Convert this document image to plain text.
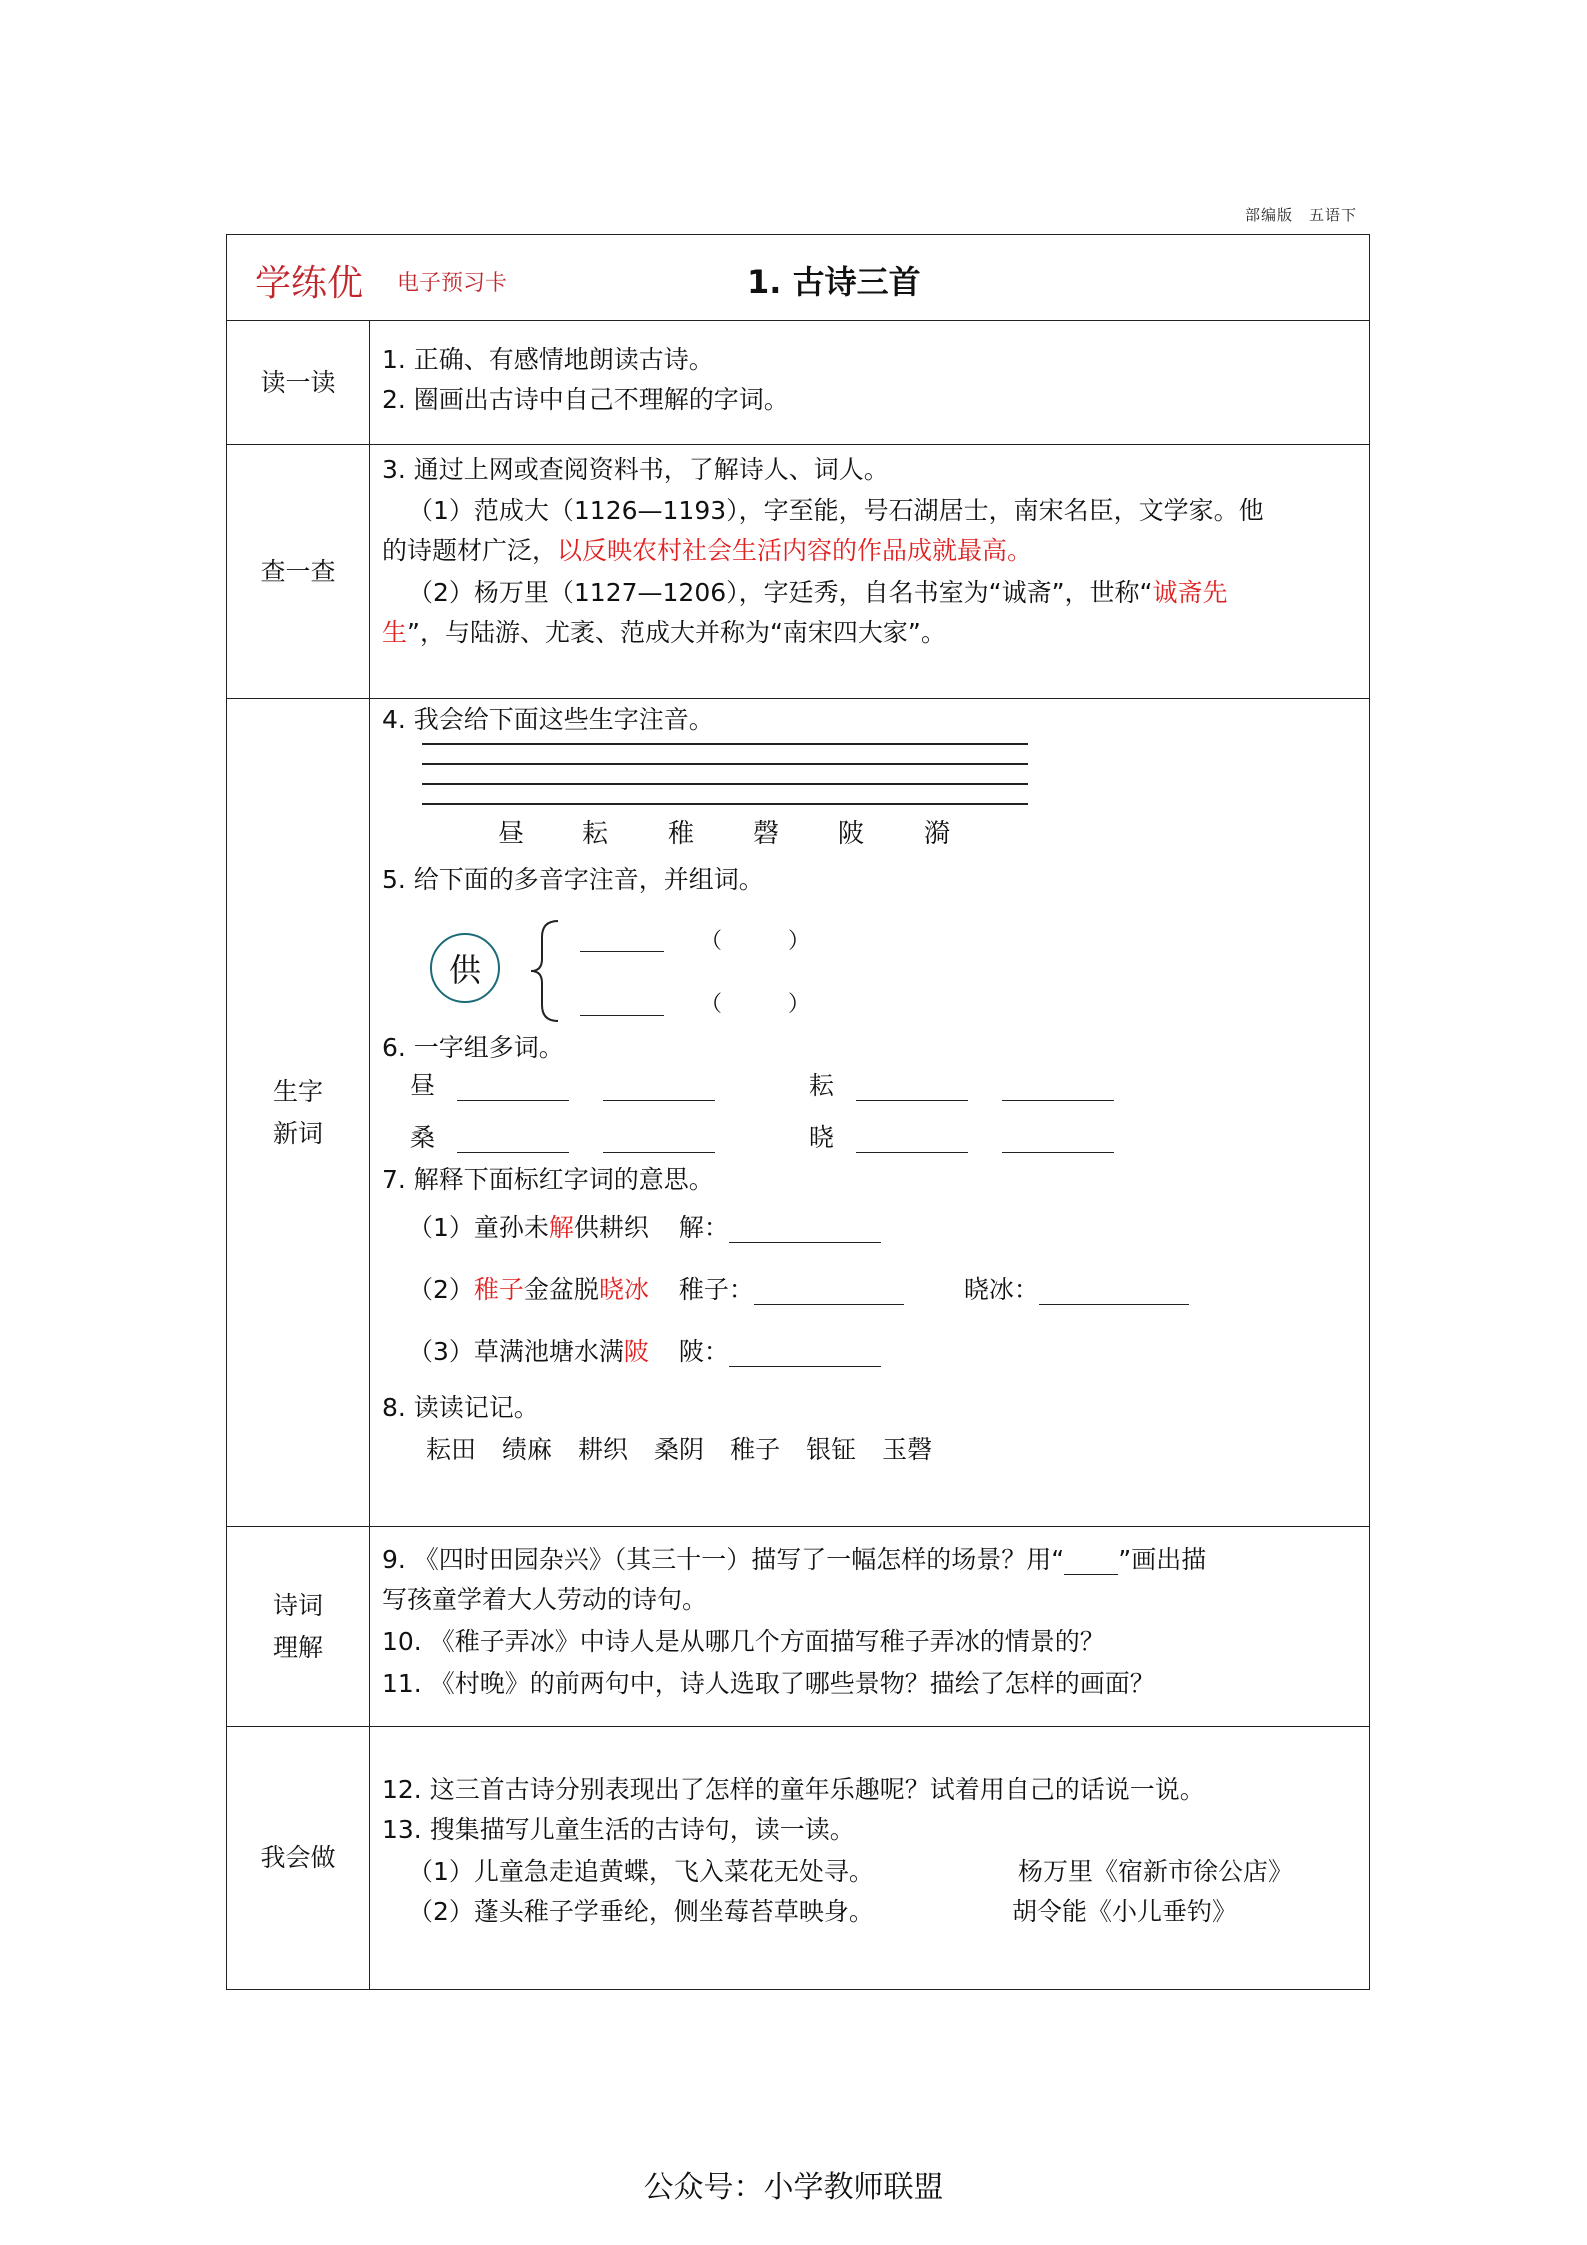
部编版 五语下
学练优 电子预习卡	1. 古诗三首
读一读
1. 正确、有感情地朗读古诗。
2. 圈画出古诗中自己不理解的字词。
查一查
3. 通过上网或查阅资料书，了解诗人、词人。
（1）范成大（1126—1193），字至能，号石湖居士，南宋名臣，文学家。他
的诗题材广泛，以反映农村社会生活内容的作品成就最高。
（2）杨万里（1127—1206），字廷秀，自名书室为“诚斋”，世称“诚斋先
生”，与陆游、尤袤、范成大并称为“南宋四大家”。
生字
新词
4. 我会给下面这些生字注音。
昼 耘 稚 磬 陂 漪
5. 给下面的多音字注音，并组词。
供
（　　　）
（　　　）
6. 一字组多词。
昼	耘
桑	晓
7. 解释下面标红字词的意思。
（1）童孙未解供耕织 解：
（2）稚子金盆脱晓冰 稚子：	晓冰：
（3）草满池塘水满陂 陂：
8. 读读记记。
耘田 绩麻 耕织 桑阴 稚子 银钲 玉磬
诗词
理解
9. 《四时田园杂兴》（其三十一）描写了一幅怎样的场景？用“ ”画出描
写孩童学着大人劳动的诗句。
10. 《稚子弄冰》中诗人是从哪几个方面描写稚子弄冰的情景的？
11. 《村晚》的前两句中，诗人选取了哪些景物？描绘了怎样的画面？
我会做
12. 这三首古诗分别表现出了怎样的童年乐趣呢？试着用自己的话说一说。
13. 搜集描写儿童生活的古诗句，读一读。
（1）儿童急走追黄蝶，飞入菜花无处寻。	杨万里《宿新市徐公店》
（2）蓬头稚子学垂纶，侧坐莓苔草映身。	胡令能《小儿垂钓》
公众号：小学教师联盟
